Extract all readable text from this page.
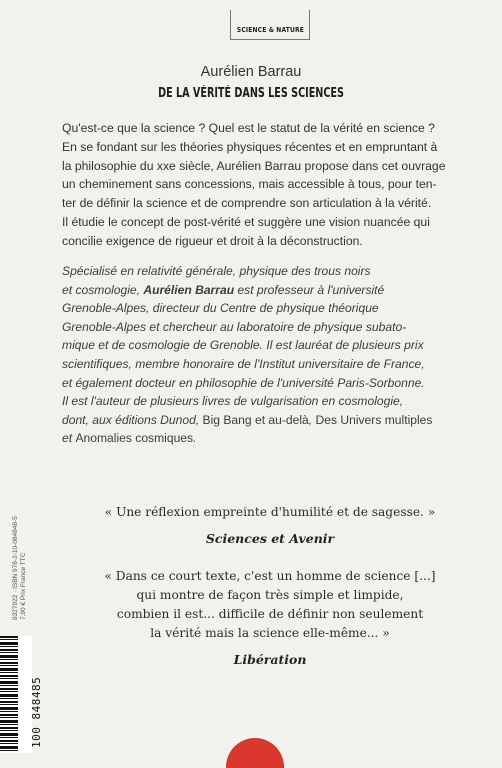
SCIENCE & NATURE
Aurélien Barrau
DE LA VÉRITÉ DANS LES SCIENCES
Qu'est-ce que la science ? Quel est le statut de la vérité en science ?
En se fondant sur les théories physiques récentes et en empruntant à
la philosophie du xxe siècle, Aurélien Barrau propose dans cet ouvrage
un cheminement sans concessions, mais accessible à tous, pour ten-
ter de définir la science et de comprendre son articulation à la vérité.
Il étudie le concept de post-vérité et suggère une vision nuancée qui
concilie exigence de rigueur et droit à la déconstruction.
Spécialisé en relativité générale, physique des trous noirs
et cosmologie, Aurélien Barrau est professeur à l'université
Grenoble-Alpes, directeur du Centre de physique théorique
Grenoble-Alpes et chercheur au laboratoire de physique subato-
mique et de cosmologie de Grenoble. Il est lauréat de plusieurs prix
scientifiques, membre honoraire de l'Institut universitaire de France,
et également docteur en philosophie de l'université Paris-Sorbonne.
Il est l'auteur de plusieurs livres de vulgarisation en cosmologie,
dont, aux éditions Dunod, Big Bang et au-delà, Des Univers multiples
et Anomalies cosmiques.
« Une réflexion empreinte d'humilité et de sagesse. »
Sciences et Avenir
« Dans ce court texte, c'est un homme de science [...]
qui montre de façon très simple et limpide,
combien il est... difficile de définir non seulement
la vérité mais la science elle-même... »
Libération
8327922 · ISBN 978-2-10-084848-5 7,90 € Prix France TTC
100 848485
